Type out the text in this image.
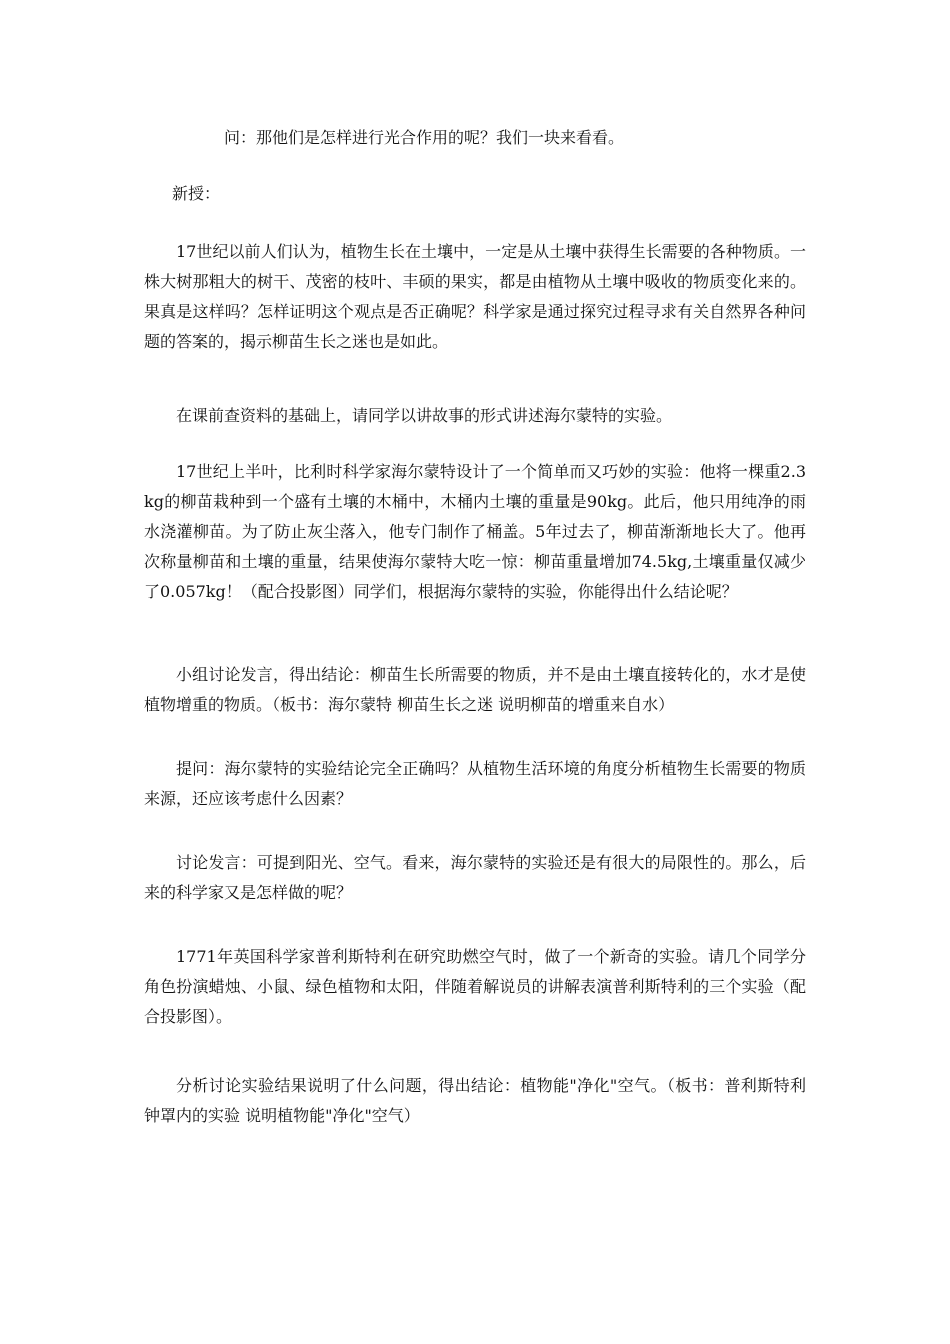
问：那他们是怎样进行光合作用的呢？我们一块来看看。

新授：

17世纪以前人们认为，植物生长在土壤中，一定是从土壤中获得生长需要的各种物质。一株大树那粗大的树干、茂密的枝叶、丰硕的果实，都是由植物从土壤中吸收的物质变化来的。果真是这样吗？怎样证明这个观点是否正确呢？科学家是通过探究过程寻求有关自然界各种问题的答案的，揭示柳苗生长之迷也是如此。

在课前查资料的基础上，请同学以讲故事的形式讲述海尔蒙特的实验。

17世纪上半叶，比利时科学家海尔蒙特设计了一个简单而又巧妙的实验：他将一棵重2.3kg的柳苗栽种到一个盛有土壤的木桶中，木桶内土壤的重量是90kg。此后，他只用纯净的雨水浇灌柳苗。为了防止灰尘落入，他专门制作了桶盖。5年过去了，柳苗渐渐地长大了。他再次称量柳苗和土壤的重量，结果使海尔蒙特大吃一惊：柳苗重量增加74.5kg,土壤重量仅减少了0.057kg！（配合投影图）同学们，根据海尔蒙特的实验，你能得出什么结论呢？

小组讨论发言，得出结论：柳苗生长所需要的物质，并不是由土壤直接转化的，水才是使植物增重的物质。（板书：海尔蒙特 柳苗生长之迷 说明柳苗的增重来自水）

提问：海尔蒙特的实验结论完全正确吗？从植物生活环境的角度分析植物生长需要的物质来源，还应该考虑什么因素？

讨论发言：可提到阳光、空气。看来，海尔蒙特的实验还是有很大的局限性的。那么，后来的科学家又是怎样做的呢？

1771年英国科学家普利斯特利在研究助燃空气时，做了一个新奇的实验。请几个同学分角色扮演蜡烛、小鼠、绿色植物和太阳，伴随着解说员的讲解表演普利斯特利的三个实验（配合投影图）。

分析讨论实验结果说明了什么问题，得出结论：植物能"净化"空气。（板书：普利斯特利钟罩内的实验 说明植物能"净化"空气）
